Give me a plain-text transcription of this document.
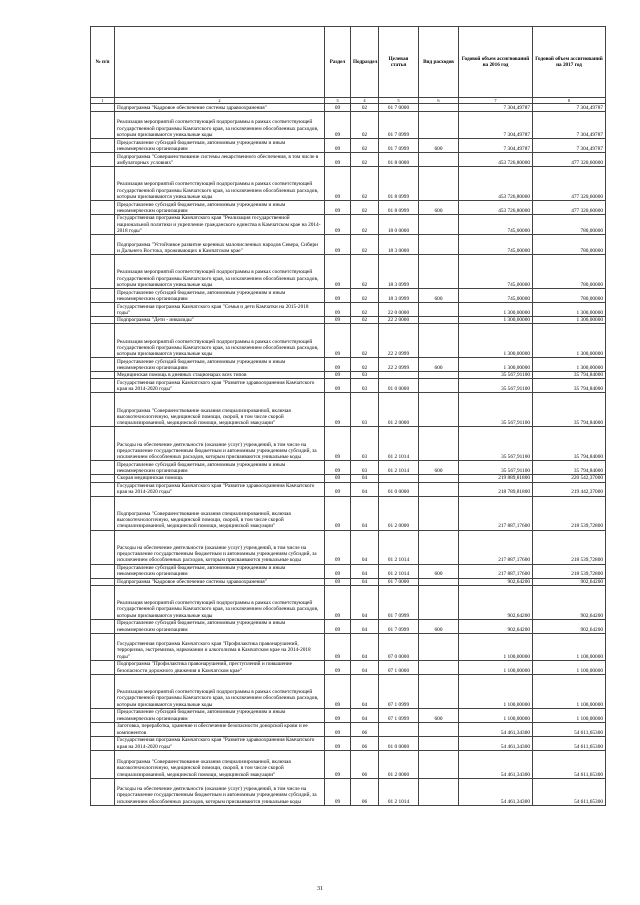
№ п/п		Раздел	Подраздел	Целевая статья	Вид расходов	Годовой объем ассигнований на 2016 год	Годовой объем ассигнований на 2017 год
1	2	3	4	5	6	7	8
	Подпрограмма "Кадровое обеспечение системы здравоохранения"	09	02	01 7 0000		7 304,49787	7 304,49787
	Реализация мероприятий соответствующей подпрограммы в рамках соответствующей государственной программы Камчатского края, за исключением обособленных расходов, которым присваиваются уникальные коды	09	02	01 7 0999		7 304,49787	7 304,49787
	Предоставление субсидий бюджетным, автономным учреждениям и иным некоммерческим организациям	09	02	01 7 0999	600	7 304,49787	7 304,49787
	Подпрограмма "Совершенствование системы лекарственного обеспечения, в том числе в амбулаторных условиях"	09	02	01 8 0000		453 726,80000	477 320,60000
	Реализация мероприятий соответствующей подпрограммы в рамках соответствующей государственной программы Камчатского края, за исключением обособленных расходов, которым присваиваются уникальные коды	09	02	01 8 0999		453 726,80000	477 320,60000
	Предоставление субсидий бюджетным, автономным учреждениям и иным некоммерческим организациям	09	02	01 8 0999	600	453 726,80000	477 320,60000
	Государственная программа Камчатского края "Реализация государственной национальной политики и укрепление гражданского единства в Камчатском крае на 2014-2018 годы"	09	02	18 0 0000		745,00000	780,00000
	Подпрограмма "Устойчивое развитие коренных малочисленных народов Севера, Сибири и Дальнего Востока, проживающих в Камчатском крае"	09	02	18 3 0000		745,00000	780,00000
	Реализация мероприятий соответствующей подпрограммы в рамках соответствующей государственной программы Камчатского края, за исключением обособленных расходов, которым присваиваются уникальные коды	09	02	18 3 0999		745,00000	780,00000
	Предоставление субсидий бюджетным, автономным учреждениям и иным некоммерческим организациям	09	02	18 3 0999	600	745,00000	780,00000
	Государственная программа Камчатского края "Семья и дети Камчатки на 2015-2018 годы"	09	02	22 0 0000		1 300,00000	1 300,00000
	Подпрограмма "Дети - инвалиды"	09	02	22 2 0000		1 300,00000	1 300,00000
	Реализация мероприятий соответствующей подпрограммы в рамках соответствующей государственной программы Камчатского края, за исключением обособленных расходов, которым присваиваются уникальные коды	09	02	22 2 0999		1 300,00000	1 300,00000
	Предоставление субсидий бюджетным, автономным учреждениям и иным некоммерческим организациям	09	02	22 2 0999	600	1 300,00000	1 300,00000
	Медицинская помощь в дневных стационарах всех типов	09	03			35 567,91100	35 794,84000
	Государственная программа Камчатского края "Развитие здравоохранения Камчатского края на 2014-2020 годы"	09	03	01 0 0000		35 567,91100	35 794,84000
	Подпрограмма "Совершенствование оказания специализированной, включая высокотехнологичную, медицинской помощи, скорой, в том числе скорой специализированной, медицинской помощи, медицинской эвакуации"	09	03	01 2 0000		35 567,91100	35 794,84000
	Расходы на обеспечение деятельности (оказание услуг) учреждений, в том числе на предоставление государственным бюджетным и автономным учреждениям субсидий, за исключением обособленных расходов, которым присваиваются уникальные коды	09	03	01 2 1014		35 567,91100	35 794,84000
	Предоставление субсидий бюджетным, автономным учреждениям и иным некоммерческим организациям	09	03	01 2 1014	600	35 567,91100	35 794,84000
	Скорая медицинская помощь	09	04			219 889,81800	220 542,37000
	Государственная программа Камчатского края "Развитие здравоохранения Камчатского края на 2014-2020 годы"	09	04	01 0 0000		218 789,81800	219 442,37000
	Подпрограмма "Совершенствование оказания специализированной, включая высокотехнологичную, медицинской помощи, скорой, в том числе скорой специализированной, медицинской помощи, медицинской эвакуации"	09	04	01 2 0000		217 887,17600	218 539,72800
	Расходы на обеспечение деятельности (оказание услуг) учреждений, в том числе на предоставление государственным бюджетным и автономным учреждениям субсидий, за исключением обособленных расходов, которым присваиваются уникальные коды	09	04	01 2 1014		217 887,17600	218 539,72800
	Предоставление субсидий бюджетным, автономным учреждениям и иным некоммерческим организациям	09	04	01 2 1014	600	217 887,17600	218 539,72800
	Подпрограмма "Кадровое обеспечение системы здравоохранения"	09	04	01 7 0000		902,64200	902,64200
	Реализация мероприятий соответствующей подпрограммы в рамках соответствующей государственной программы Камчатского края, за исключением обособленных расходов, которым присваиваются уникальные коды	09	04	01 7 0999		902,64200	902,64200
	Предоставление субсидий бюджетным, автономным учреждениям и иным некоммерческим организациям	09	04	01 7 0999	600	902,64200	902,64200
	Государственная программа Камчатского края "Профилактика правонарушений, терроризма, экстремизма, наркомании и алкоголизма в Камчатском крае на 2014-2018 годы"	09	04	07 0 0000		1 100,00000	1 100,00000
	Подпрограмма "Профилактика правонарушений, преступлений и повышение безопасности дорожного движения в Камчатском крае"	09	04	07 1 0000		1 100,00000	1 100,00000
	Реализация мероприятий соответствующей подпрограммы в рамках соответствующей государственной программы Камчатского края, за исключением обособленных расходов, которым присваиваются уникальные коды	09	04	07 1 0999		1 100,00000	1 100,00000
	Предоставление субсидий бюджетным, автономным учреждениям и иным некоммерческим организациям	09	04	07 1 0999	600	1 100,00000	1 100,00000
	Заготовка, переработка, хранение и обеспечение безопасности донорской крови и ее компонентов	09	06			54 461,34300	54 611,65300
	Государственная программа Камчатского края "Развитие здравоохранения Камчатского края на 2014-2020 годы"	09	06	01 0 0000		54 461,34300	54 611,65300
	Подпрограмма "Совершенствование оказания специализированной, включая высокотехнологичную, медицинской помощи, скорой, в том числе скорой специализированной, медицинской помощи, медицинской эвакуации"	09	06	01 2 0000		54 461,34300	54 611,65300
	Расходы на обеспечение деятельности (оказание услуг) учреждений, в том числе на предоставление государственным бюджетным и автономным учреждениям субсидий, за исключением обособленных расходов, которым присваиваются уникальные коды	09	06	01 2 1014		54 461,34300	54 611,65300
31
